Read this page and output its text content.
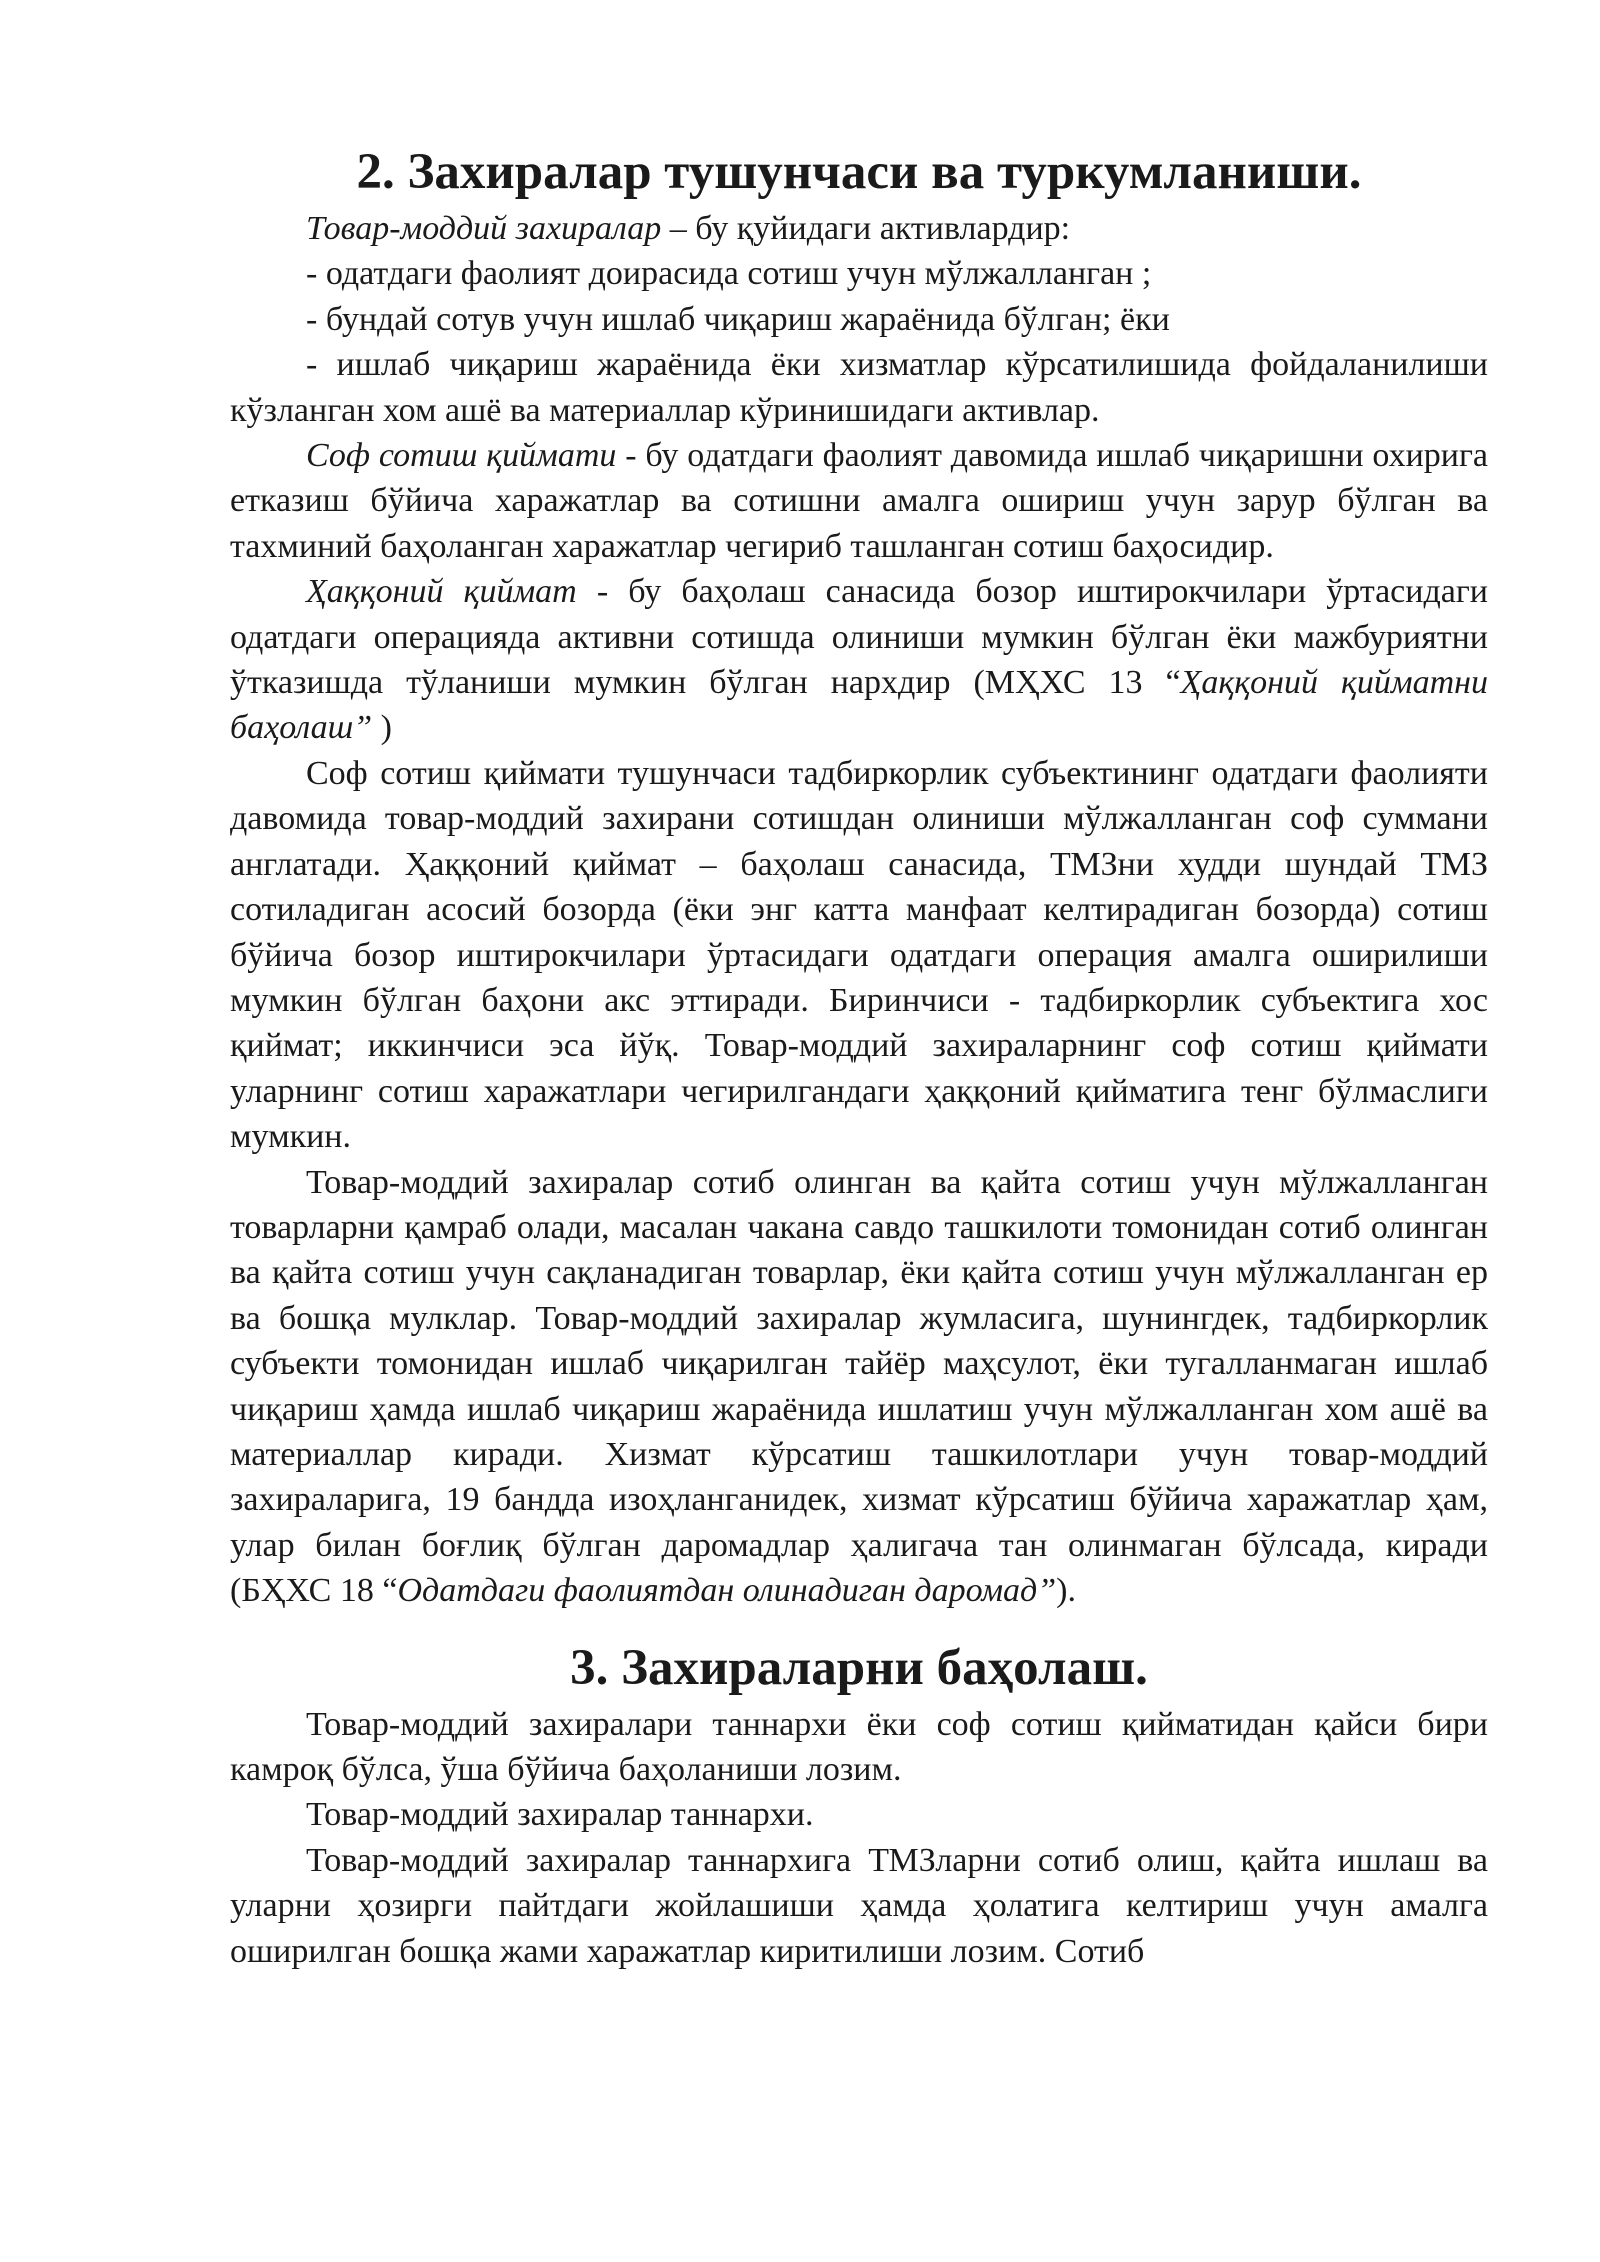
2. Захиралар тушунчаси ва туркумланиши.

Товар-моддий захиралар – бу қуйидаги активлардир:

- одатдаги фаолият доирасида сотиш учун мўлжалланган ;

- бундай сотув учун ишлаб чиқариш жараёнида бўлган; ёки

- ишлаб чиқариш жараёнида ёки хизматлар кўрсатилишида фойдаланилиши кўзланган хом ашё ва материаллар кўринишидаги активлар.

Соф сотиш қиймати - бу одатдаги фаолият давомида ишлаб чиқаришни охирига етказиш бўйича харажатлар ва сотишни амалга ошириш учун зарур бўлган ва тахминий баҳоланган харажатлар чегириб ташланган сотиш баҳосидир.

Ҳаққоний қиймат - бу баҳолаш санасида бозор иштирокчилари ўртасидаги одатдаги операцияда активни сотишда олиниши мумкин бўлган ёки мажбуриятни ўтказишда тўланиши мумкин бўлган нархдир (МҲХС 13 “Ҳаққоний қийматни баҳолаш” )

Соф сотиш қиймати тушунчаси тадбиркорлик субъектининг одатдаги фаолияти давомида товар-моддий захирани сотишдан олиниши мўлжалланган соф суммани англатади. Ҳаққоний қиймат – баҳолаш санасида, ТМЗни худди шундай ТМЗ сотиладиган асосий бозорда (ёки энг катта манфаат келтирадиган бозорда) сотиш бўйича бозор иштирокчилари ўртасидаги одатдаги операция амалга оширилиши мумкин бўлган баҳони акс эттиради. Биринчиси - тадбиркорлик субъектига хос қиймат; иккинчиси эса йўқ. Товар-моддий захираларнинг соф сотиш қиймати уларнинг сотиш харажатлари чегирилгандаги ҳаққоний қийматига тенг бўлмаслиги мумкин.

Товар-моддий захиралар сотиб олинган ва қайта сотиш учун мўлжалланган товарларни қамраб олади, масалан чакана савдо ташкилоти томонидан сотиб олинган ва қайта сотиш учун сақланадиган товарлар, ёки қайта сотиш учун мўлжалланган ер ва бошқа мулклар. Товар-моддий захиралар жумласига, шунингдек, тадбиркорлик субъекти томонидан ишлаб чиқарилган тайёр маҳсулот, ёки тугалланмаган ишлаб чиқариш ҳамда ишлаб чиқариш жараёнида ишлатиш учун мўлжалланган хом ашё ва материаллар киради. Хизмат кўрсатиш ташкилотлари учун товар-моддий захираларига, 19 бандда изоҳланганидек, хизмат кўрсатиш бўйича харажатлар ҳам, улар билан боғлиқ бўлган даромадлар ҳалигача тан олинмаган бўлсада, киради (БҲХС 18 “Одатдаги фаолиятдан олинадиган даромад”).

3. Захираларни баҳолаш.

Товар-моддий захиралари таннархи ёки соф сотиш қийматидан қайси бири камроқ бўлса, ўша бўйича баҳоланиши лозим.

Товар-моддий захиралар таннархи.

Товар-моддий захиралар таннархига ТМЗларни сотиб олиш, қайта ишлаш ва уларни ҳозирги пайтдаги жойлашиши ҳамда ҳолатига келтириш учун амалга оширилган бошқа жами харажатлар киритилиши лозим. Сотиб
